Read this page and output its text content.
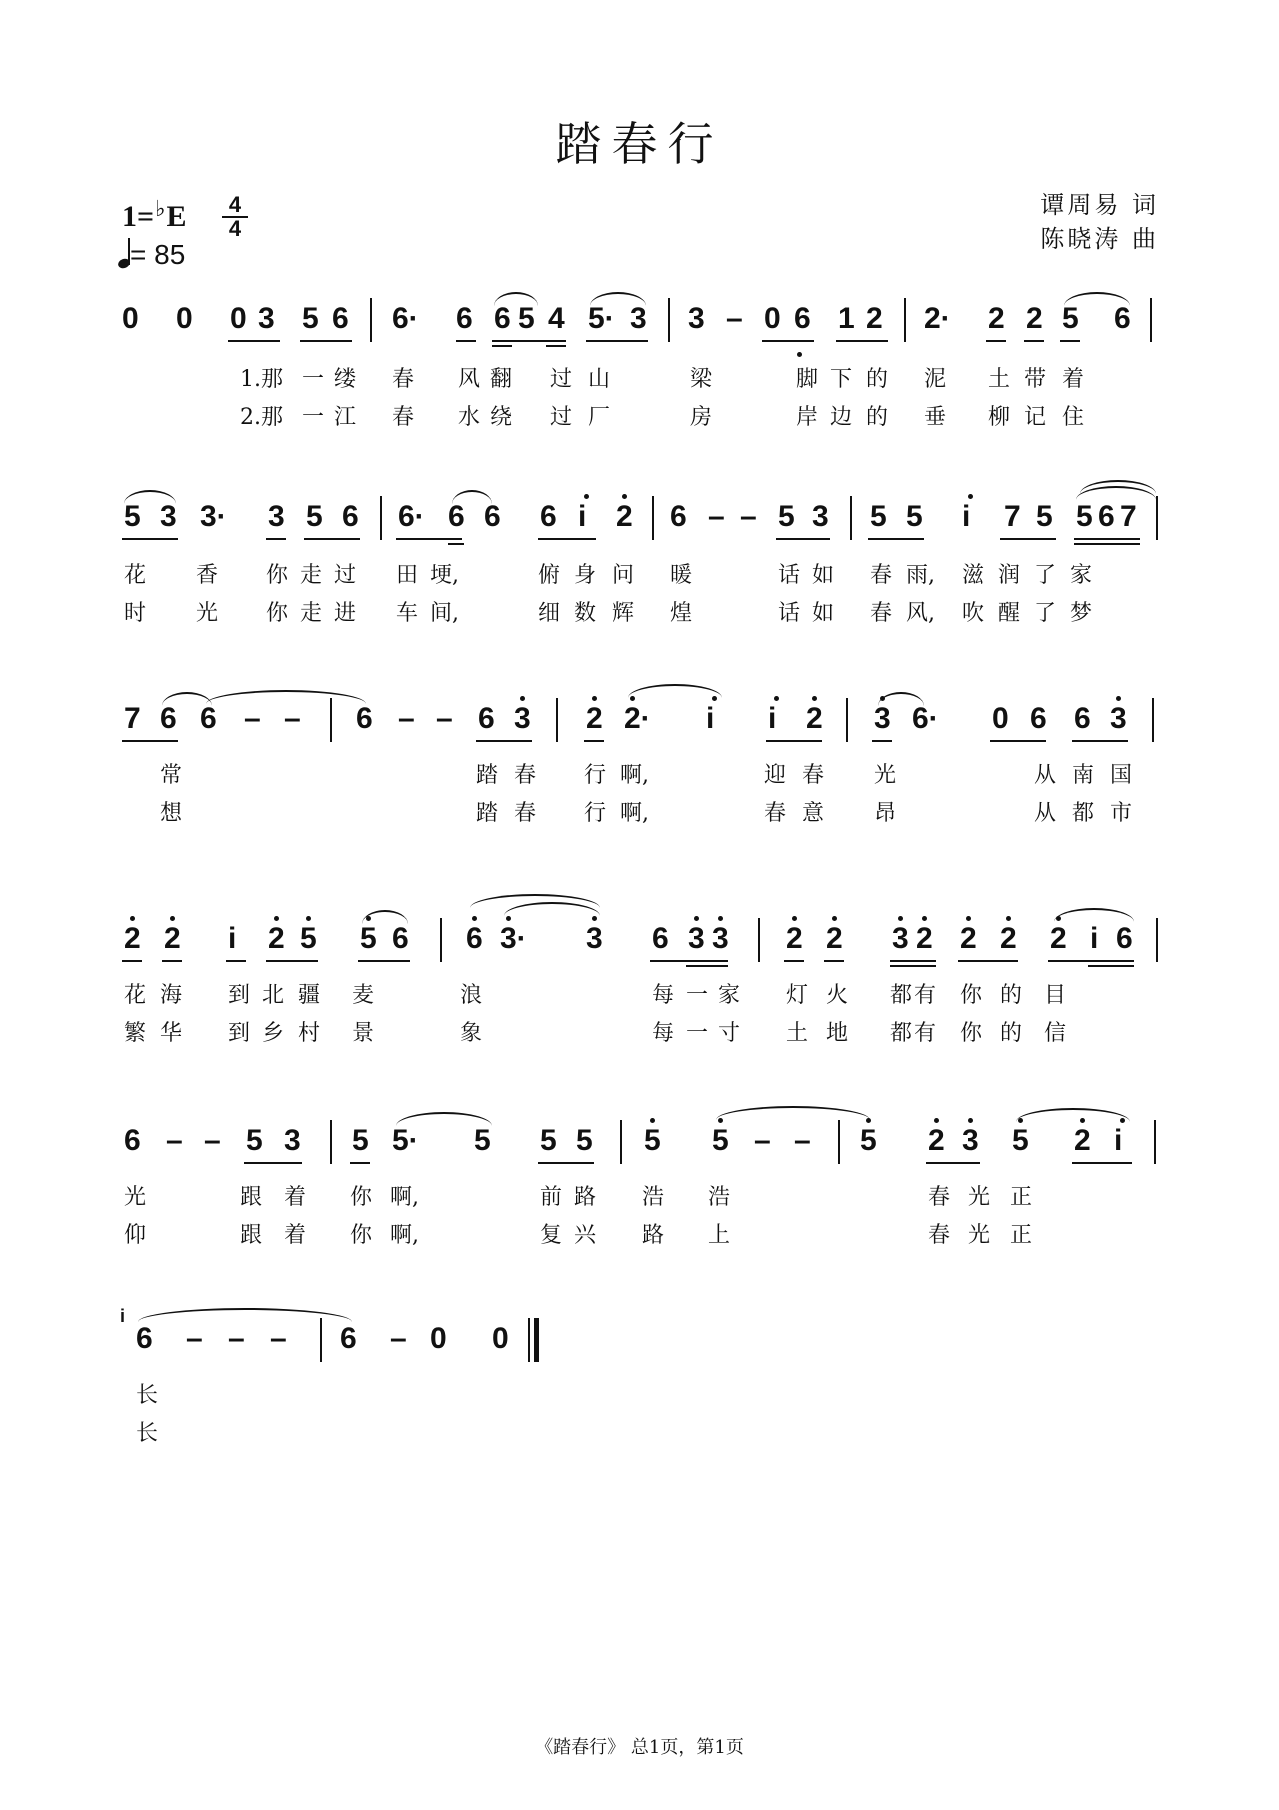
踏春行
1=♭E	4
4
= 85
谭周易 词
陈晓涛 曲
0 0 0 3 5 6 6· 6 6 5 4 5· 3 3 – 0 6 1 2 2· 2 2 5 6
1.那 一 缕 春 风 翻 过 山	梁	脚 下 的 泥 土 带 着
2.那 一 江 春 水 绕 过 厂	房	岸 边 的 垂 柳 记 住
5 3 3· 3 5 6 6· 6 6 6 i 2 6 – – 5 3 5 5 i 7 5 5 6 7
花 香 你 走 过 田 埂,	俯 身 问 暖	话 如 春 雨, 滋 润 了 家
时 光 你 走 进 车 间,	细 数 辉 煌	话 如 春 风, 吹 醒 了 梦
7 6 6 – – 6 – – 6 3 2 2· i i 2 3 6· 0 6 6 3
常	踏 春 行 啊,	迎 春 光	从 南 国
想	踏 春 行 啊,	春 意 昂	从 都 市
2 2 i 2 5 5 6 6 3· 3 6 3 3 2 2 3 2 2 2 2 i 6
花 海 到 北 疆 麦	浪	每 一 家 灯 火 都 有 你 的 目
繁 华 到 乡 村 景	象	每 一 寸 土 地 都 有 你 的 信
6 – – 5 3 5 5· 5 5 5 5 5 – – 5 2 3 5 2 i
光	跟 着 你 啊,	前 路 浩 浩	春 光 正
仰	跟 着 你 啊,	复 兴 路 上	春 光 正
i
6 – – – 6 – 0 0
长
长
《踏春行》 总1页，第1页
